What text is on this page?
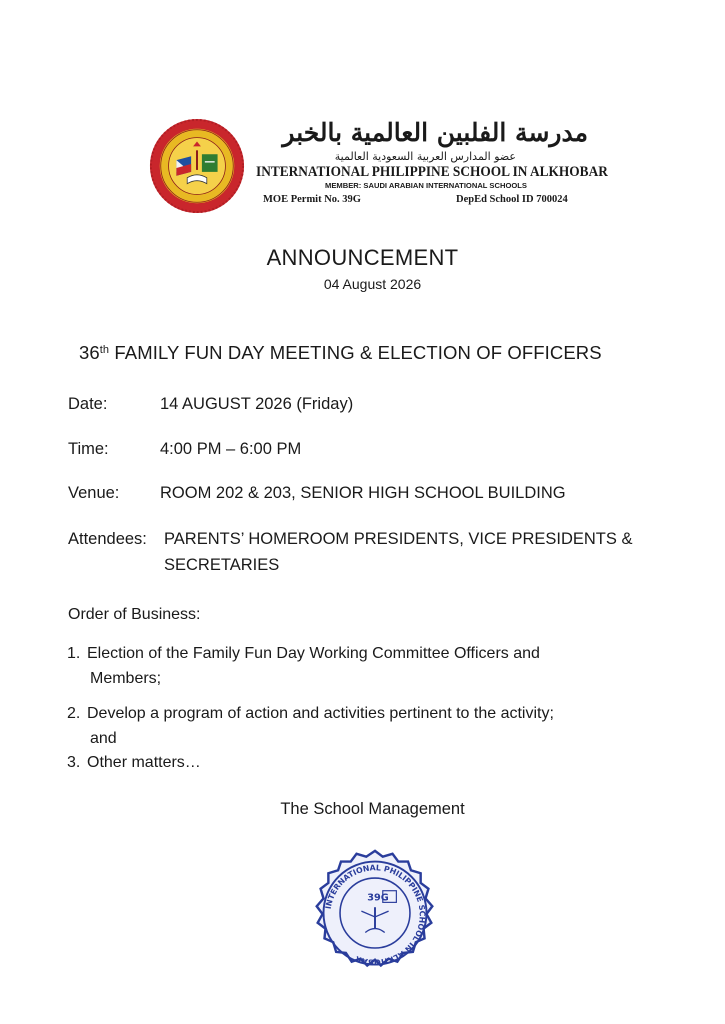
مدرسة الفلبين العالمية بالخبر
عضو المدارس العربية السعودية العالمية
INTERNATIONAL PHILIPPINE SCHOOL IN ALKHOBAR
MEMBER: SAUDI ARABIAN INTERNATIONAL SCHOOLS
MOE Permit No. 39G	DepEd School ID 700024
ANNOUNCEMENT
04 August 2026
36th FAMILY FUN DAY MEETING & ELECTION OF OFFICERS
Date:	14 AUGUST 2026 (Friday)
Time:	4:00 PM – 6:00 PM
Venue: ROOM 202 & 203, SENIOR HIGH SCHOOL BUILDING
Attendees: PARENTS’ HOMEROOM PRESIDENTS, VICE PRESIDENTS &
SECRETARIES
Order of Business:
1. Election of the Family Fun Day Working Committee Officers and
Members;
2. Develop a program of action and activities pertinent to the activity;
and
3. Other matters…
The School Management
INTERNATIONAL PHILIPPINE SCHOOL IN ALKHOBAR
39G
